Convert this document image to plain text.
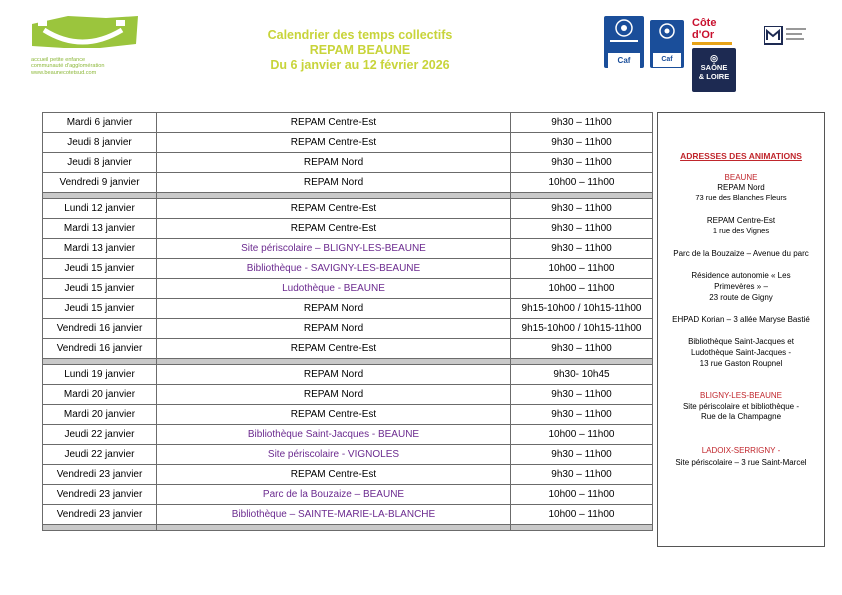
accueil petite enfance
communauté d'agglomération
www.beaunecotetsud.com
Calendrier des temps collectifs
REPAM BEAUNE
Du 6 janvier au 12 février 2026	Caf	Caf
Côte
d'Or
◎
SAÔNE
& LOIRE
Mardi 6 janvier	REPAM Centre-Est	9h30 – 11h00
Jeudi 8 janvier	REPAM Centre-Est	9h30 – 11h00
Jeudi 8 janvier	REPAM Nord	9h30 – 11h00
Vendredi 9 janvier	REPAM Nord	10h00 – 11h00

Lundi 12 janvier	REPAM Centre-Est	9h30 – 11h00
Mardi 13 janvier	REPAM Centre-Est	9h30 – 11h00
Mardi 13 janvier	Site périscolaire – BLIGNY-LES-BEAUNE	9h30 – 11h00
Jeudi 15 janvier	Bibliothèque - SAVIGNY-LES-BEAUNE	10h00 – 11h00
Jeudi 15 janvier	Ludothèque - BEAUNE	10h00 – 11h00
Jeudi 15 janvier	REPAM Nord	9h15-10h00 / 10h15-11h00
Vendredi 16 janvier	REPAM Nord	9h15-10h00 / 10h15-11h00
Vendredi 16 janvier	REPAM Centre-Est	9h30 – 11h00

Lundi 19 janvier	REPAM Nord	9h30- 10h45
Mardi 20 janvier	REPAM Nord	9h30 – 11h00
Mardi 20 janvier	REPAM Centre-Est	9h30 – 11h00
Jeudi 22 janvier	Bibliothèque Saint-Jacques - BEAUNE	10h00 – 11h00
Jeudi 22 janvier	Site périscolaire - VIGNOLES	9h30 – 11h00
Vendredi 23 janvier	REPAM Centre-Est	9h30 – 11h00
Vendredi 23 janvier	Parc de la Bouzaize – BEAUNE	10h00 – 11h00
Vendredi 23 janvier	Bibliothèque – SAINTE-MARIE-LA-BLANCHE	10h00 – 11h00

ADRESSES DES ANIMATIONS
BEAUNE
REPAM Nord
73 rue des Blanches Fleurs
REPAM Centre-Est
1 rue des Vignes
Parc de la Bouzaize – Avenue du parc
Résidence autonomie « Les
Primevères » –
23 route de Gigny
EHPAD Korian – 3 allée Maryse Bastié
Bibliothèque Saint-Jacques et
Ludothèque Saint-Jacques -
13 rue Gaston Roupnel
BLIGNY-LES-BEAUNE
Site périscolaire et bibliothèque -
Rue de la Champagne
LADOIX-SERRIGNY -
Site périscolaire – 3 rue Saint-Marcel
